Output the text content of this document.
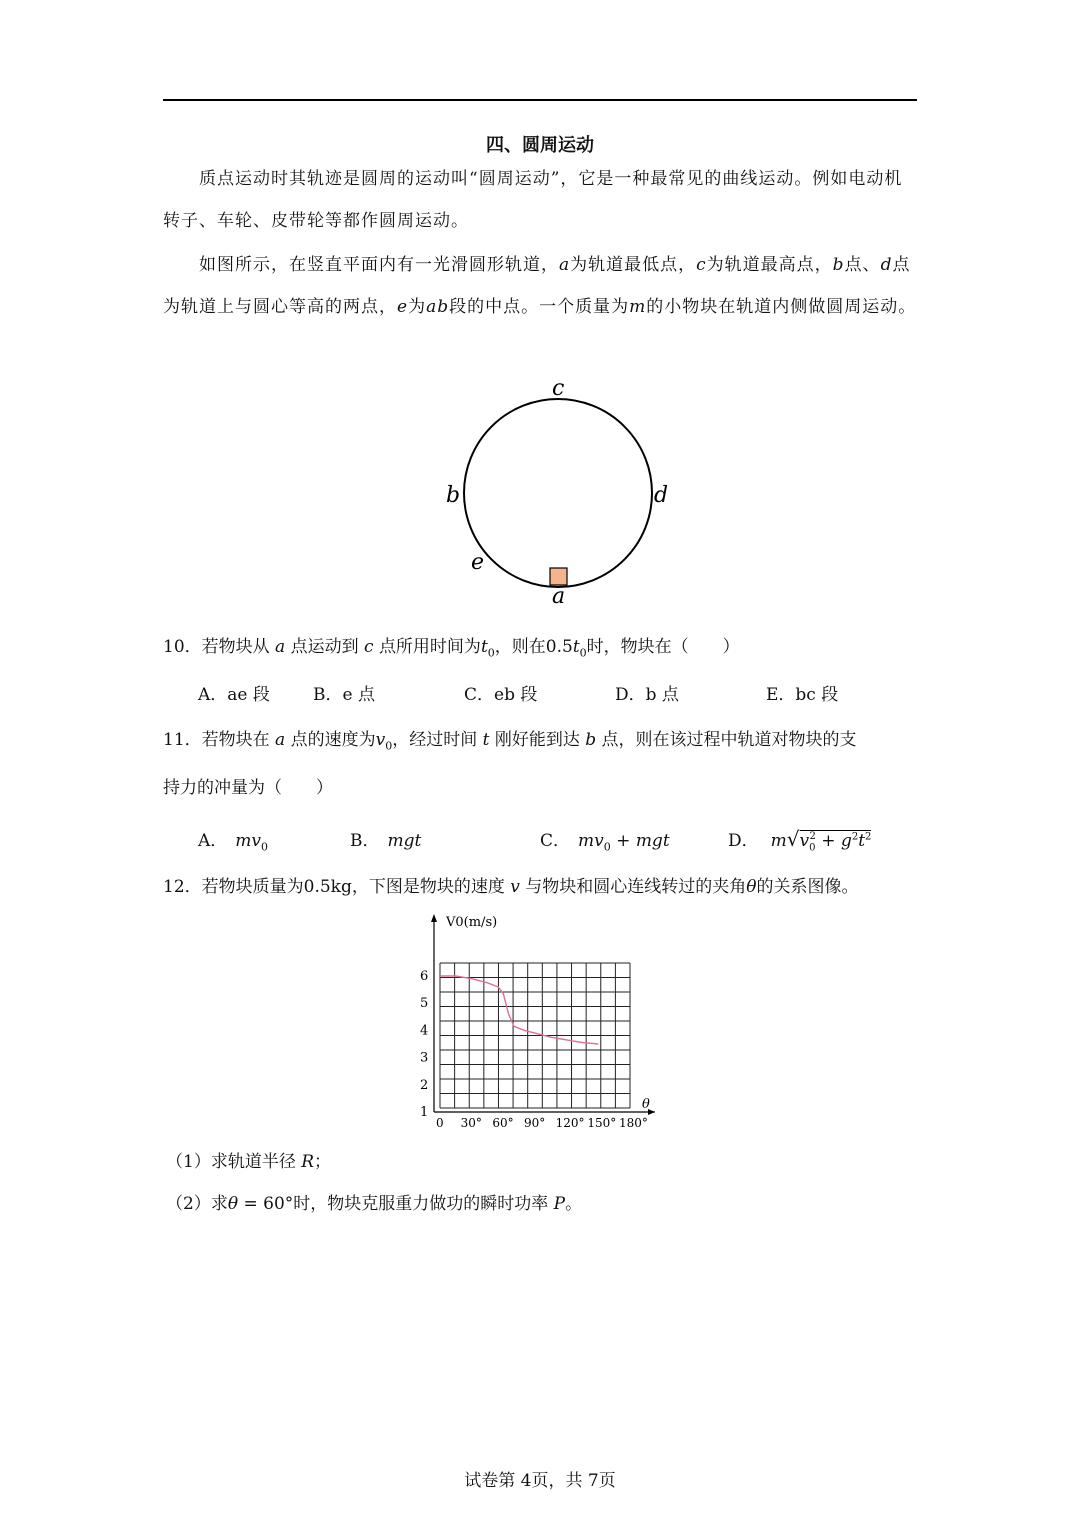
四、圆周运动
质点运动时其轨迹是圆周的运动叫“圆周运动”，它是一种最常见的曲线运动。例如电动机转子、车轮、皮带轮等都作圆周运动。
如图所示，在竖直平面内有一光滑圆形轨道，a为轨道最低点，c为轨道最高点，b点、d点为轨道上与圆心等高的两点，e为ab段的中点。一个质量为m的小物块在轨道内侧做圆周运动。
c
b	d
e
a
10．若物块从 a 点运动到 c 点所用时间为$t_0$，则在$0.5t_0$时，物块在（　　）
A．ae 段	B．e 点	C．eb 段	D．b 点	E．bc 段
11．若物块在 a 点的速度为$v_0$，经过时间 t 刚好能到达 b 点，则在该过程中轨道对物块的支
持力的冲量为（　　）
A． $mv_0$	B． mgt	C． $mv_0$ + mgt	D． $m√v_0^2 + g^2t^2$
12．若物块质量为0.5kg，下图是物块的速度 v 与物块和圆心连线转过的夹角θ的关系图像。
1
2
3
4
5
6
0 30° 60° 90° 120° 150° 180°
V0(m/s)
θ
（1）求轨道半径 R；
（2）求θ = 60°时，物块克服重力做功的瞬时功率 P。
试卷第 4页，共 7页
